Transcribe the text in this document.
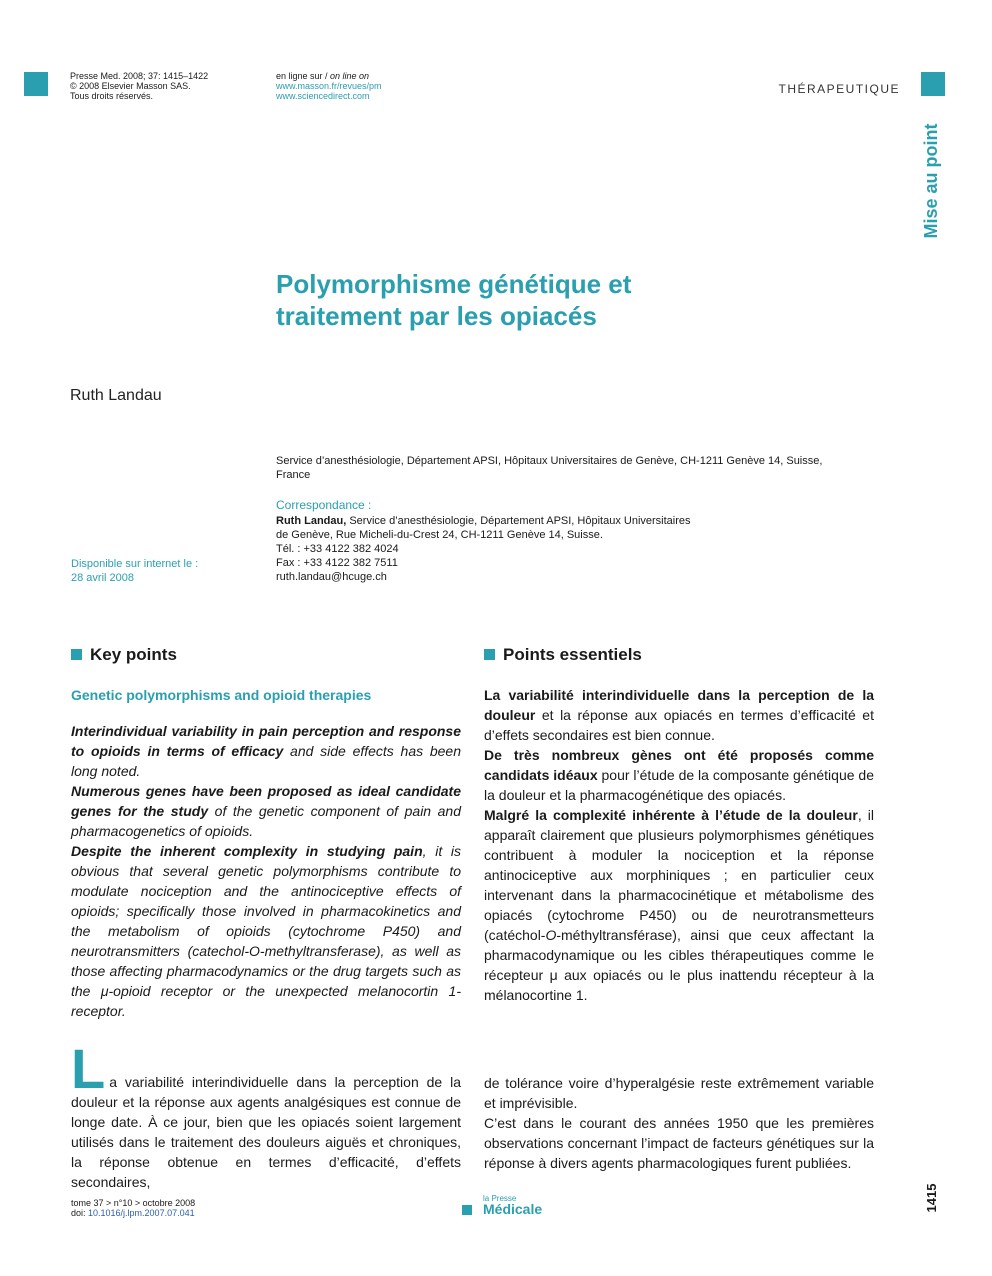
Presse Med. 2008; 37: 1415–1422
© 2008 Elsevier Masson SAS.
Tous droits réservés.
en ligne sur / on line on
www.masson.fr/revues/pm
www.sciencedirect.com	THÉRAPEUTIQUE
Mise au point
Polymorphisme génétique et
traitement par les opiacés
Ruth Landau
Service d’anesthésiologie, Département APSI, Hôpitaux Universitaires de Genève, CH-1211 Genève 14, Suisse,
France
Correspondance :
Ruth Landau, Service d’anesthésiologie, Département APSI, Hôpitaux Universitaires
de Genève, Rue Micheli-du-Crest 24, CH-1211 Genève 14, Suisse.
Tél. : +33 4122 382 4024
Fax : +33 4122 382 7511
ruth.landau@hcuge.ch
Disponible sur internet le :
28 avril 2008
Key points
Genetic polymorphisms and opioid therapies

Interindividual variability in pain perception and response to opioids in terms of efficacy and side effects has been long noted.

Numerous genes have been proposed as ideal candidate genes for the study of the genetic component of pain and pharmacogenetics of opioids.

Despite the inherent complexity in studying pain, it is obvious that several genetic polymorphisms contribute to modulate nociception and the antinociceptive effects of opioids; specifically those involved in pharmacokinetics and the metabolism of opioids (cytochrome P450) and neurotransmitters (catechol-O-methyltransferase), as well as those affecting pharmacodynamics or the drug targets such as the μ-opioid receptor or the unexpected melanocortin 1-receptor.

Points essentiels

La variabilité interindividuelle dans la perception de la douleur et la réponse aux opiacés en termes d’efficacité et d’effets secondaires est bien connue.

De très nombreux gènes ont été proposés comme candidats idéaux pour l’étude de la composante génétique de la douleur et la pharmacogénétique des opiacés.

Malgré la complexité inhérente à l’étude de la douleur, il apparaît clairement que plusieurs polymorphismes génétiques contribuent à moduler la nociception et la réponse antinociceptive aux morphiniques ; en particulier ceux intervenant dans la pharmacocinétique et métabolisme des opiacés (cytochrome P450) ou de neurotransmetteurs (catéchol-O-méthyltransférase), ainsi que ceux affectant la pharmacodynamique ou les cibles thérapeutiques comme le récepteur μ aux opiacés ou le plus inattendu récepteur à la mélanocortine 1.

L a variabilité interindividuelle dans la perception de la douleur et la réponse aux agents analgésiques est connue de longe date. À ce jour, bien que les opiacés soient largement utilisés dans le traitement des douleurs aiguës et chroniques, la réponse obtenue en termes d’efficacité, d’effets secondaires,

de tolérance voire d’hyperalgésie reste extrêmement variable et imprévisible.

C’est dans le courant des années 1950 que les premières observations concernant l’impact de facteurs génétiques sur la réponse à divers agents pharmacologiques furent publiées.

tome 37 > n°10 > octobre 2008
doi: 10.1016/j.lpm.2007.07.041
la Presse
Médicale	1415
